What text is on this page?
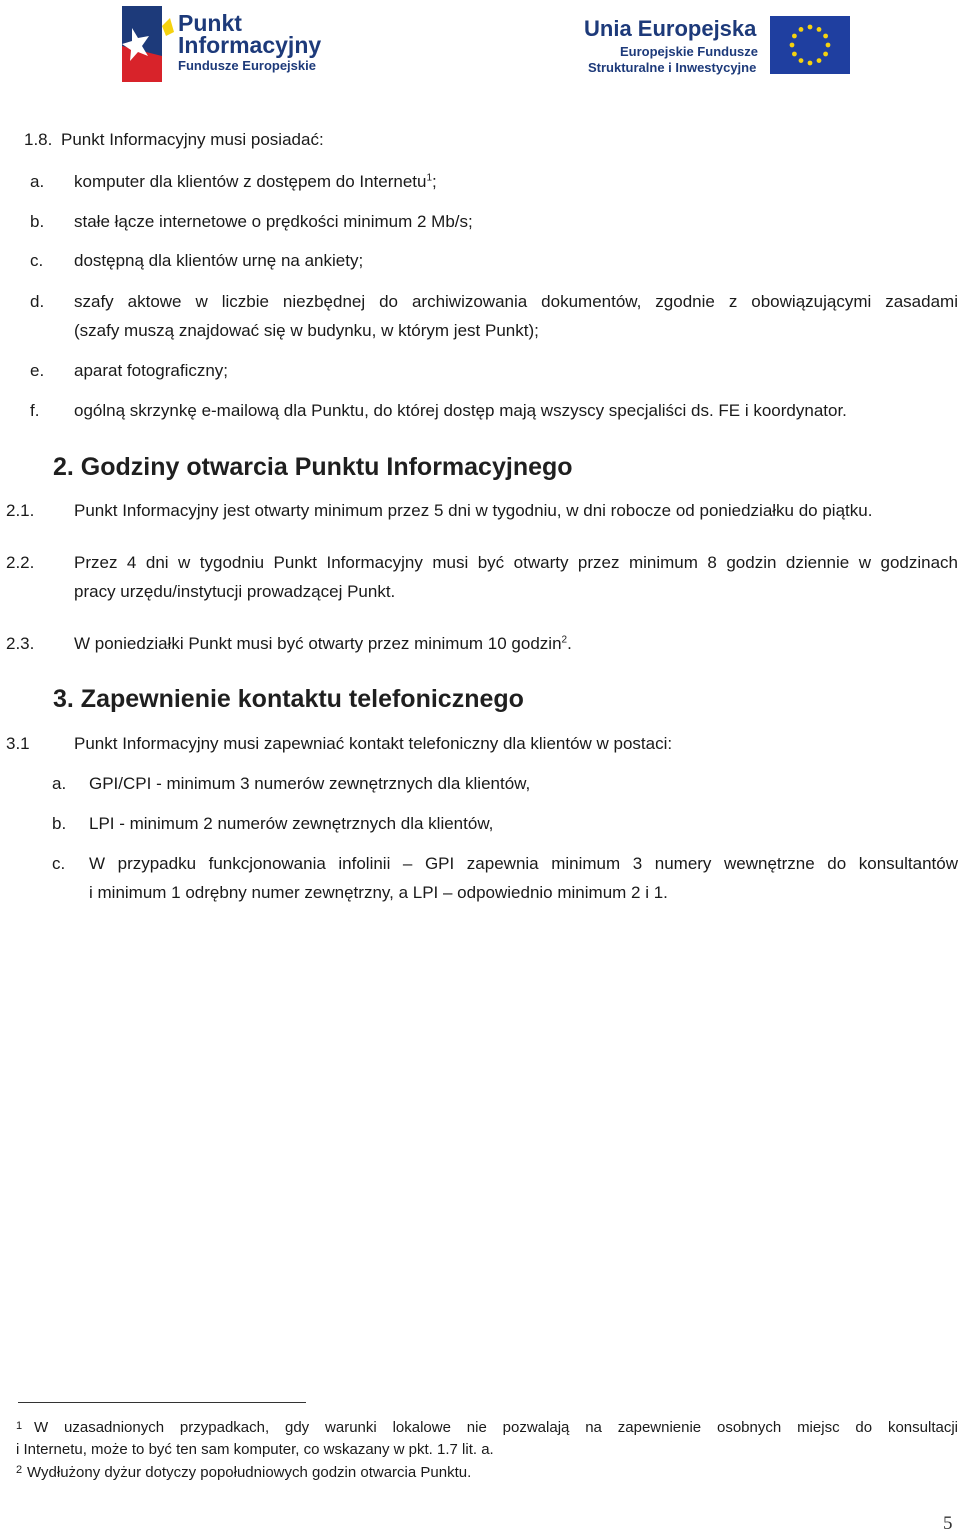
Punkt
Informacyjny
Fundusze Europejskie
Unia Europejska
Europejskie Fundusze
Strukturalne i Inwestycyjne
1.8. Punkt Informacyjny musi posiadać:
a. komputer dla klientów z dostępem do Internetu$^1$;
b. stałe łącze internetowe o prędkości minimum 2 Mb/s;
c. dostępną dla klientów urnę na ankiety;
d. szafy aktowe w liczbie niezbędnej do archiwizowania dokumentów, zgodnie z obowiązującymi zasadami
(szafy muszą znajdować się w budynku, w którym jest Punkt);
e. aparat fotograficzny;
f. ogólną skrzynkę e-mailową dla Punktu, do której dostęp mają wszyscy specjaliści ds. FE i koordynator.
2. Godziny otwarcia Punktu Informacyjnego
2.1. Punkt Informacyjny jest otwarty minimum przez 5 dni w tygodniu, w dni robocze od poniedziałku do piątku.
2.2. Przez 4 dni w tygodniu Punkt Informacyjny musi być otwarty przez minimum 8 godzin dziennie w godzinach
pracy urzędu/instytucji prowadzącej Punkt.
2.3. W poniedziałki Punkt musi być otwarty przez minimum 10 godzin$^2$.
3. Zapewnienie kontaktu telefonicznego
3.1	Punkt Informacyjny musi zapewniać kontakt telefoniczny dla klientów w postaci:
a. GPI/CPI - minimum 3 numerów zewnętrznych dla klientów,
b. LPI - minimum 2 numerów zewnętrznych dla klientów,
c. W przypadku funkcjonowania infolinii – GPI zapewnia minimum 3 numery wewnętrzne do konsultantów
i minimum 1 odrębny numer zewnętrzny, a LPI – odpowiednio minimum 2 i 1.
1 W uzasadnionych przypadkach, gdy warunki lokalowe nie pozwalają na zapewnienie osobnych miejsc do konsultacji
i Internetu, może to być ten sam komputer, co wskazany w pkt. 1.7 lit. a.
2 Wydłużony dyżur dotyczy popołudniowych godzin otwarcia Punktu.
5
